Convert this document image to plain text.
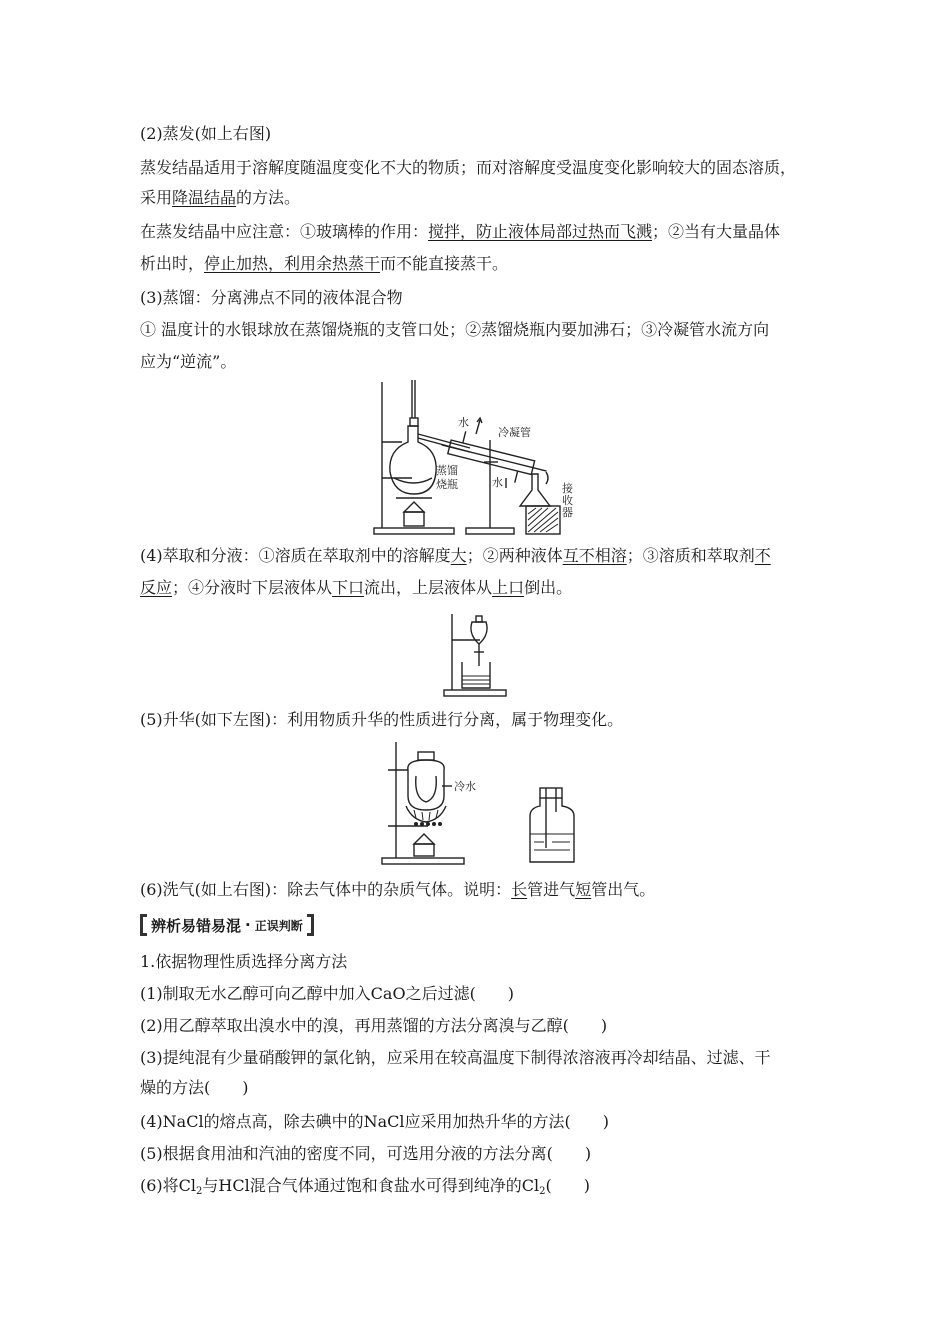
(2)蒸发(如上右图)
蒸发结晶适用于溶解度随温度变化不大的物质；而对溶解度受温度变化影响较大的固态溶质，
采用降温结晶的方法。
在蒸发结晶中应注意：①玻璃棒的作用：搅拌，防止液体局部过热而飞溅；②当有大量晶体
析出时，停止加热，利用余热蒸干而不能直接蒸干。
(3)蒸馏：分离沸点不同的液体混合物
① 温度计的水银球放在蒸馏烧瓶的支管口处；②蒸馏烧瓶内要加沸石；③冷凝管水流方向
应为“逆流”。
水
冷凝管
蒸馏
烧瓶	水	接
收
器
(4)萃取和分液：①溶质在萃取剂中的溶解度大；②两种液体互不相溶；③溶质和萃取剂不
反应；④分液时下层液体从下口流出，上层液体从上口倒出。
(5)升华(如下左图)：利用物质升华的性质进行分离，属于物理变化。
冷水
(6)洗气(如上右图)：除去气体中的杂质气体。说明：长管进气短管出气。
辨析易错易混 · 正误判断
1.依据物理性质选择分离方法
(1)制取无水乙醇可向乙醇中加入CaO之后过滤(　　)
(2)用乙醇萃取出溴水中的溴，再用蒸馏的方法分离溴与乙醇(　　)
(3)提纯混有少量硝酸钾的氯化钠，应采用在较高温度下制得浓溶液再冷却结晶、过滤、干
燥的方法(　　)
(4)NaCl的熔点高，除去碘中的NaCl应采用加热升华的方法(　　)
(5)根据食用油和汽油的密度不同，可选用分液的方法分离(　　)
(6)将$Cl_2$与HCl混合气体通过饱和食盐水可得到纯净的$Cl_2$(　　)
